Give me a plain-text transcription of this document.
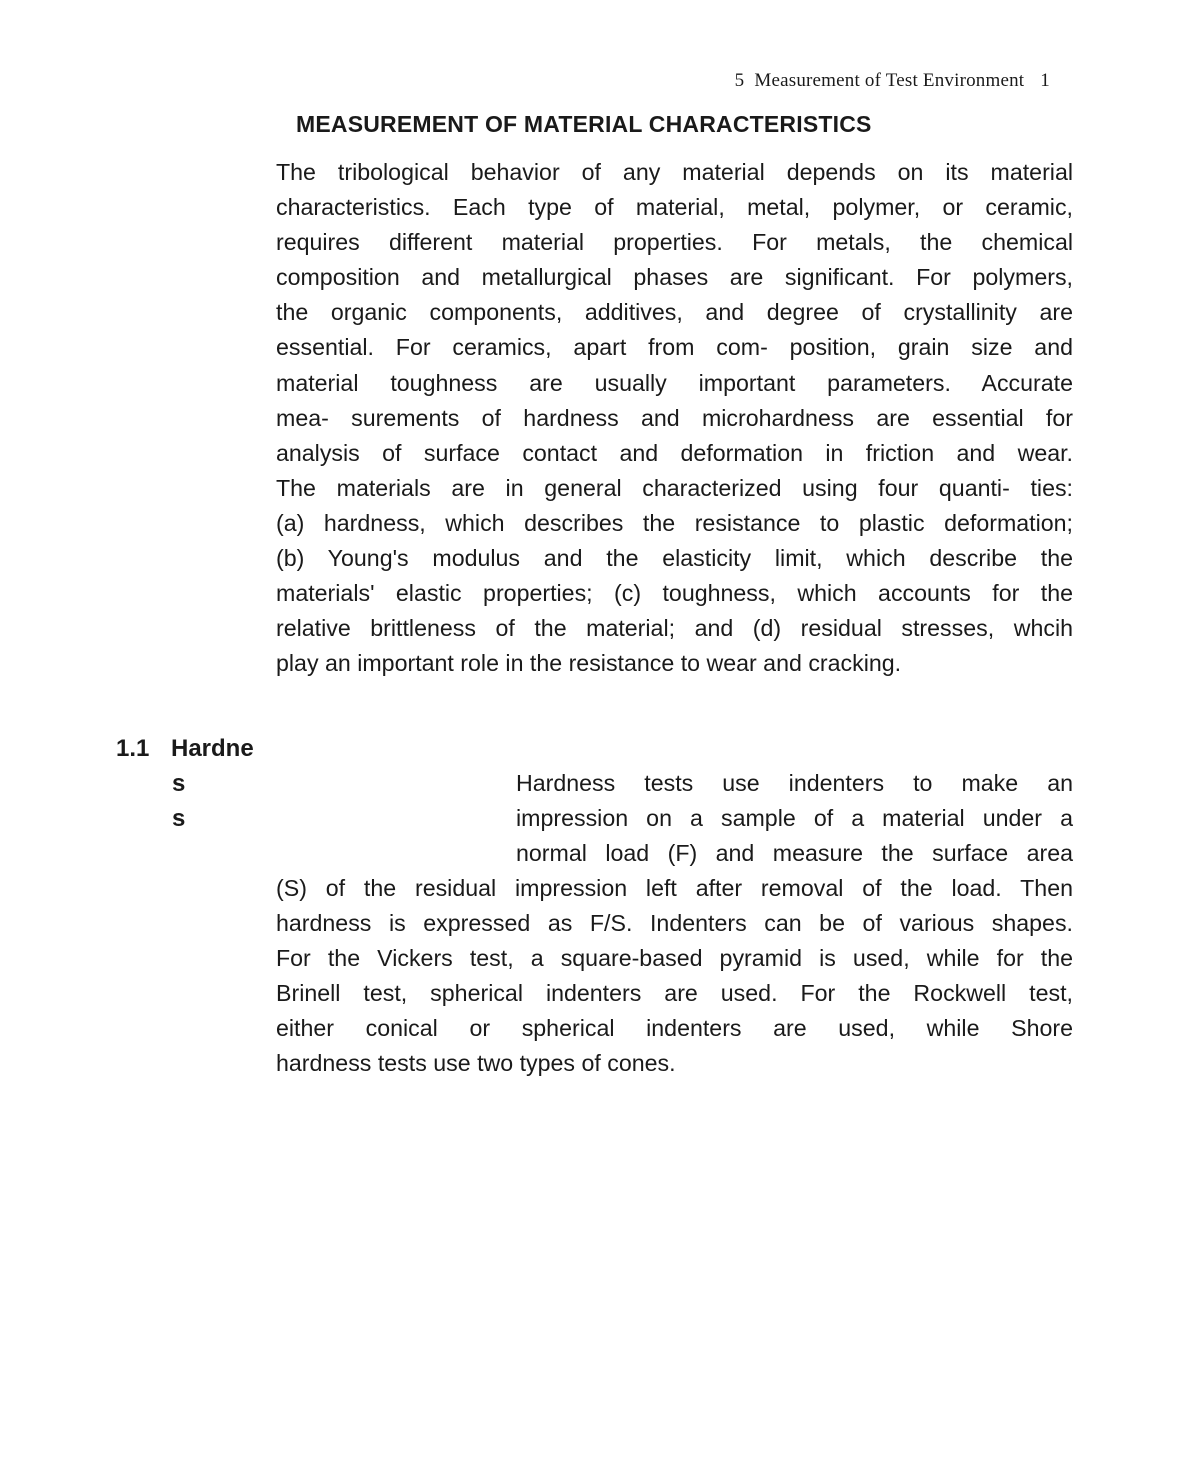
5 Measurement of Test Environment 1
MEASUREMENT OF MATERIAL CHARACTERISTICS
The tribological behavior of any material depends on its material
characteristics. Each type of material, metal, polymer, or ceramic,
requires different material properties. For metals, the chemical
composition and metallurgical phases are significant. For polymers,
the organic components, additives, and degree of crystallinity are
essential. For ceramics, apart from com- position, grain size and
material toughness are usually important parameters. Accurate
mea- surements of hardness and microhardness are essential for
analysis of surface contact and deformation in friction and wear.
The materials are in general characterized using four quanti- ties:
(a) hardness, which describes the resistance to plastic deformation;
(b) Young's modulus and the elasticity limit, which describe the
materials' elastic properties; (c) toughness, which accounts for the
relative brittleness of the material; and (d) residual stresses, whcih
play an important role in the resistance to wear and cracking.
1.1 Hardne
s
s
Hardness tests use indenters to make an
impression on a sample of a material under a
normal load (F) and measure the surface area
(S) of the residual impression left after removal of the load. Then
hardness is expressed as F/S. Indenters can be of various shapes.
For the Vickers test, a square-based pyramid is used, while for the
Brinell test, spherical indenters are used. For the Rockwell test,
either conical or spherical indenters are used, while Shore
hardness tests use two types of cones.
